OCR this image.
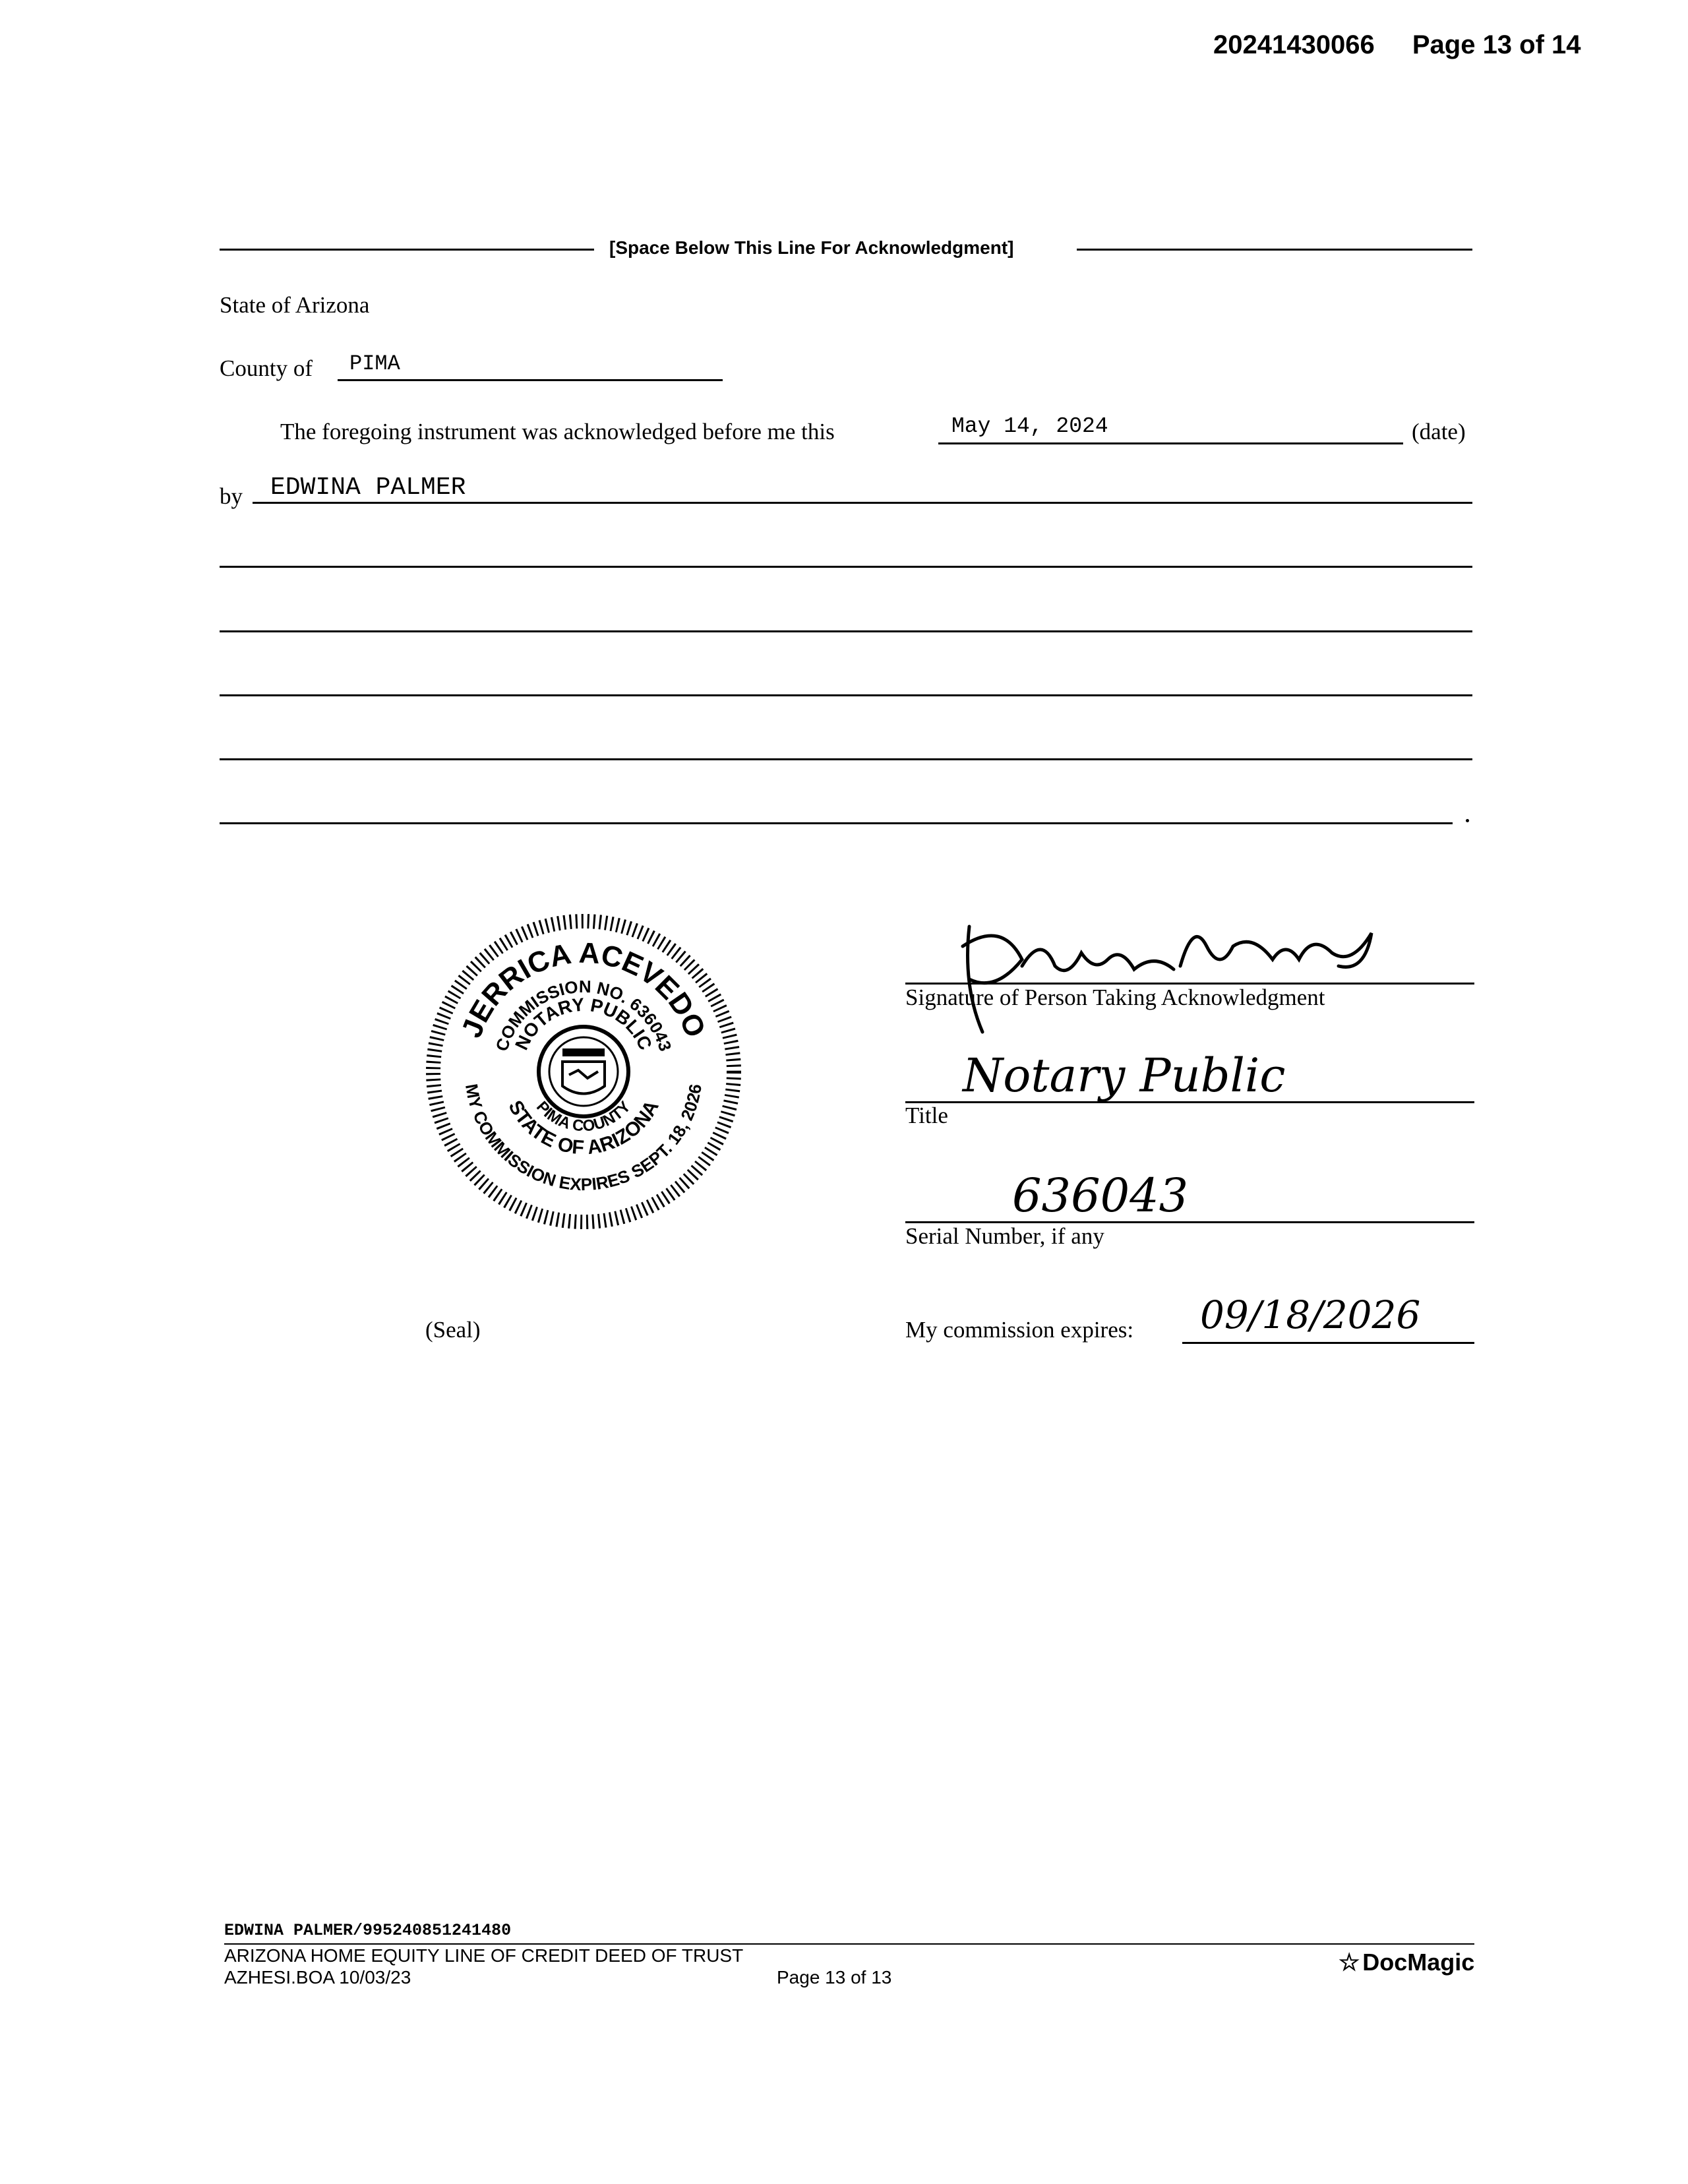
20241430066 Page 13 of 14
[Space Below This Line For Acknowledgment]
State of Arizona
County of PIMA
The foregoing instrument was acknowledged before me this	May 14, 2024	(date)
by EDWINA PALMER
JERRICA ACEVEDO
COMMISSION NO. 636043
NOTARY PUBLIC
MY COMMISSION EXPIRES SEPT. 18, 2026
STATE OF ARIZONA
PIMA COUNTY
(Seal)
Signature of Person Taking Acknowledgment
Notary Public
Title
636043
Serial Number, if any
My commission expires: 09/18/2026
EDWINA PALMER/995240851241480
ARIZONA HOME EQUITY LINE OF CREDIT DEED OF TRUST
AZHESI.BOA 10/03/23	Page 13 of 13
☆ DocMagic
